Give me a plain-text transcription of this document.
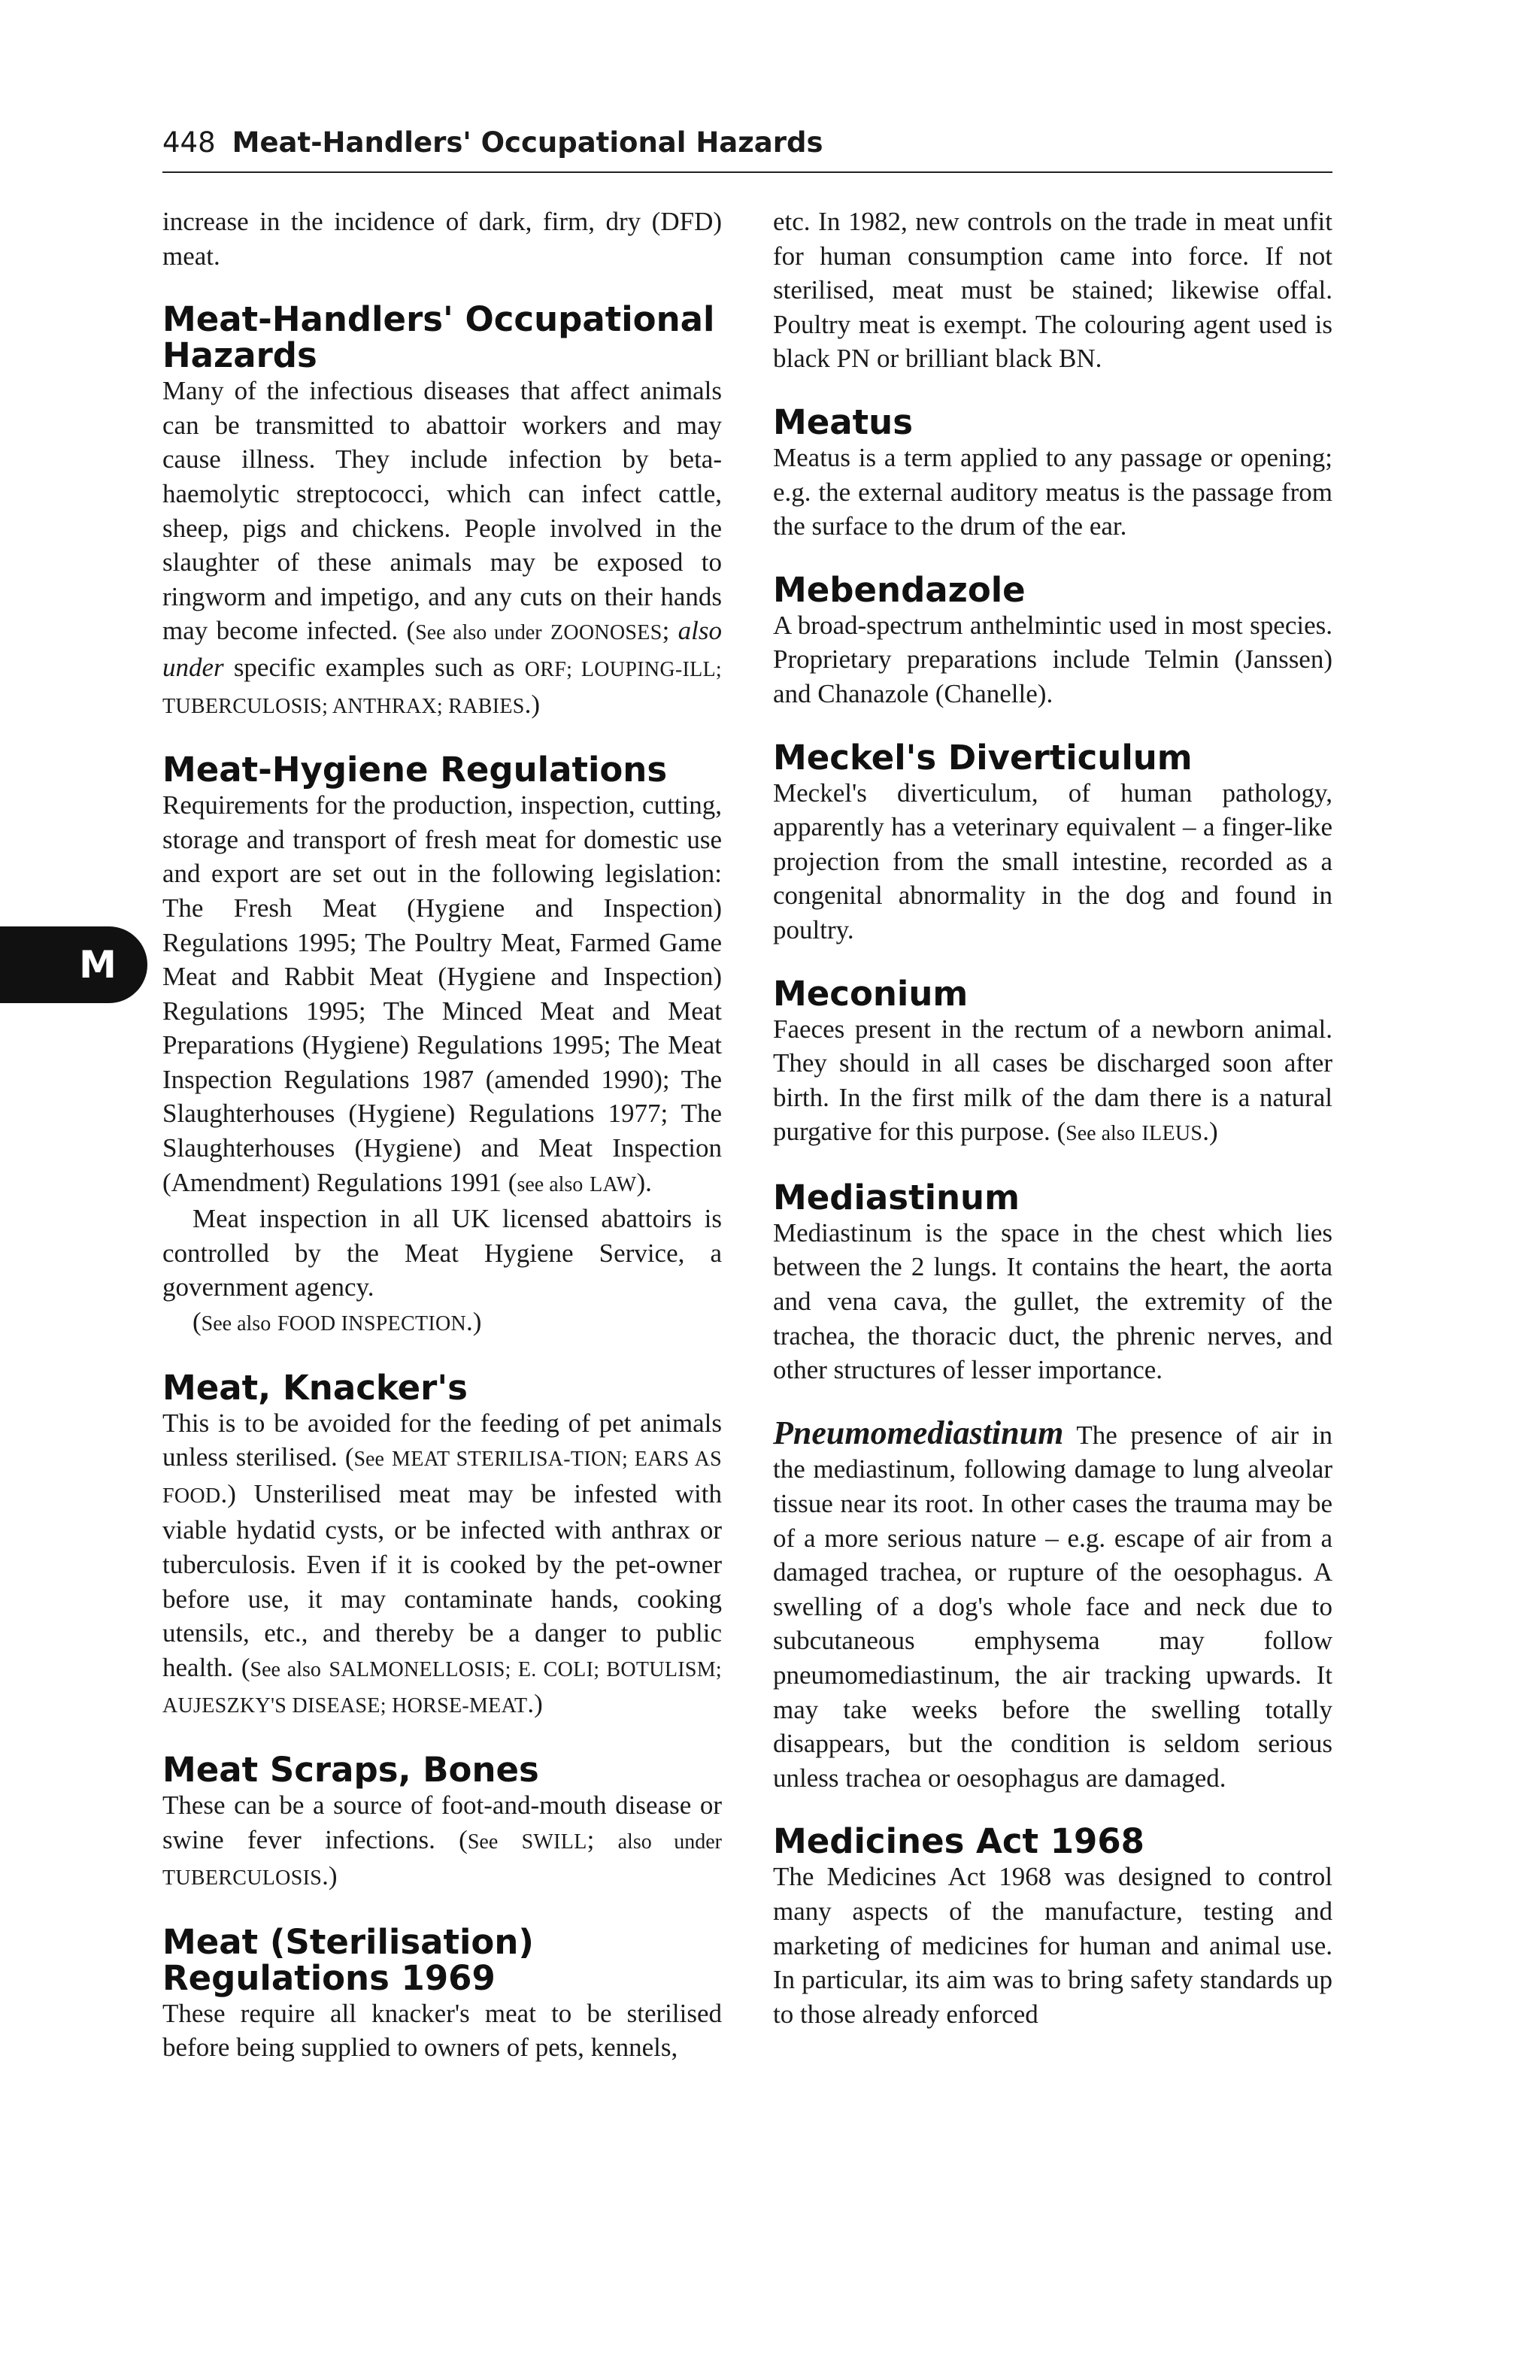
448 Meat-Handlers' Occupational Hazards
M

increase in the incidence of dark, firm, dry (DFD) meat.

Meat-Handlers' Occupational Hazards

Many of the infectious diseases that affect animals can be transmitted to abattoir workers and may cause illness. They include infection by beta-haemolytic streptococci, which can infect cattle, sheep, pigs and chickens. People involved in the slaughter of these animals may be exposed to ringworm and impetigo, and any cuts on their hands may become infected. (See also under ZOONOSES; also under specific examples such as ORF; LOUPING-ILL; TUBERCULOSIS; ANTHRAX; RABIES.)

Meat-Hygiene Regulations

Requirements for the production, inspection, cutting, storage and transport of fresh meat for domestic use and export are set out in the following legislation: The Fresh Meat (Hygiene and Inspection) Regulations 1995; The Poultry Meat, Farmed Game Meat and Rabbit Meat (Hygiene and Inspection) Regulations 1995; The Minced Meat and Meat Preparations (Hygiene) Regulations 1995; The Meat Inspection Regulations 1987 (amended 1990); The Slaughterhouses (Hygiene) Regulations 1977; The Slaughterhouses (Hygiene) and Meat Inspection (Amendment) Regulations 1991 (see also LAW).

Meat inspection in all UK licensed abattoirs is controlled by the Meat Hygiene Service, a government agency.

(See also FOOD INSPECTION.)

Meat, Knacker's

This is to be avoided for the feeding of pet animals unless sterilised. (See MEAT STERILISA-TION; EARS AS FOOD.) Unsterilised meat may be infested with viable hydatid cysts, or be infected with anthrax or tuberculosis. Even if it is cooked by the pet-owner before use, it may contaminate hands, cooking utensils, etc., and thereby be a danger to public health. (See also SALMONELLOSIS; E. COLI; BOTULISM; AUJESZKY'S DISEASE; HORSE-MEAT.)

Meat Scraps, Bones

These can be a source of foot-and-mouth disease or swine fever infections. (See SWILL; also under TUBERCULOSIS.)

Meat (Sterilisation) Regulations 1969

These require all knacker's meat to be sterilised before being supplied to owners of pets, kennels,

etc. In 1982, new controls on the trade in meat unfit for human consumption came into force. If not sterilised, meat must be stained; likewise offal. Poultry meat is exempt. The colouring agent used is black PN or brilliant black BN.

Meatus

Meatus is a term applied to any passage or opening; e.g. the external auditory meatus is the passage from the surface to the drum of the ear.

Mebendazole

A broad-spectrum anthelmintic used in most species. Proprietary preparations include Telmin (Janssen) and Chanazole (Chanelle).

Meckel's Diverticulum

Meckel's diverticulum, of human pathology, apparently has a veterinary equivalent – a finger-like projection from the small intestine, recorded as a congenital abnormality in the dog and found in poultry.

Meconium

Faeces present in the rectum of a newborn animal. They should in all cases be discharged soon after birth. In the first milk of the dam there is a natural purgative for this purpose. (See also ILEUS.)

Mediastinum

Mediastinum is the space in the chest which lies between the 2 lungs. It contains the heart, the aorta and vena cava, the gullet, the extremity of the trachea, the thoracic duct, the phrenic nerves, and other structures of lesser importance.

Pneumomediastinum The presence of air in the mediastinum, following damage to lung alveolar tissue near its root. In other cases the trauma may be of a more serious nature – e.g. escape of air from a damaged trachea, or rupture of the oesophagus. A swelling of a dog's whole face and neck due to subcutaneous emphysema may follow pneumomediastinum, the air tracking upwards. It may take weeks before the swelling totally disappears, but the condition is seldom serious unless trachea or oesophagus are damaged.

Medicines Act 1968

The Medicines Act 1968 was designed to control many aspects of the manufacture, testing and marketing of medicines for human and animal use. In particular, its aim was to bring safety standards up to those already enforced
